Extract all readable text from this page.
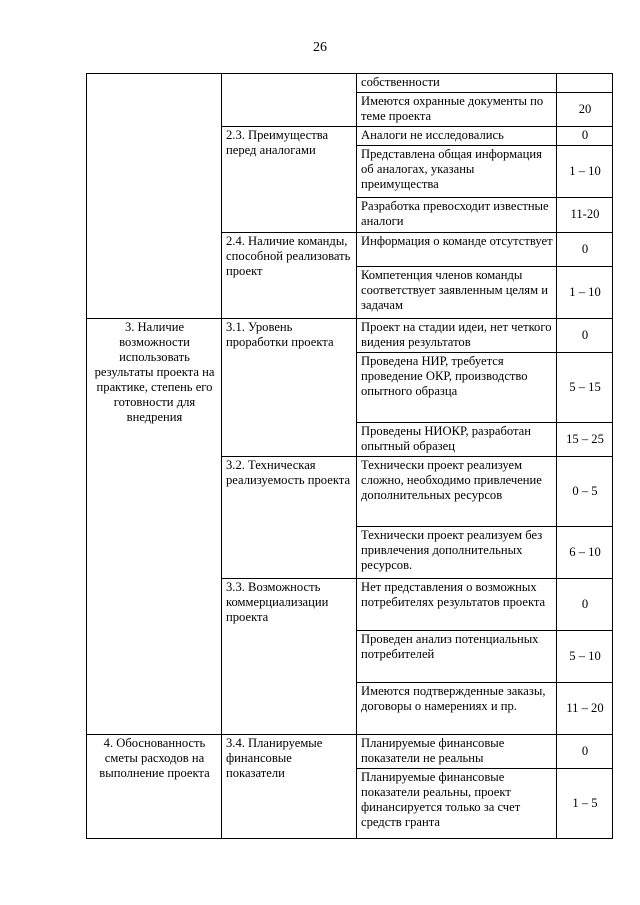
26
		собственности	
		Имеются охранные документы по теме проекта	20
	2.3. Преимущества перед аналогами	Аналоги не исследовались	0
		Представлена общая информация об аналогах, указаны преимущества	1 – 10
		Разработка превосходит известные аналоги	11-20
	2.4. Наличие команды, способной реализовать проект	Информация о команде отсутствует	0
		Компетенция членов команды соответствует заявленным целям и задачам	1 – 10
3. Наличие возможности использовать результаты проекта на практике, степень его готовности для внедрения	3.1. Уровень проработки проекта	Проект на стадии идеи, нет четкого видения результатов	0
		Проведена НИР, требуется проведение ОКР, производство опытного образца	5 – 15
		Проведены НИОКР, разработан опытный образец	15 – 25
	3.2. Техническая реализуемость проекта	Технически проект реализуем сложно, необходимо привлечение дополнительных ресурсов	0 – 5
		Технически проект реализуем без привлечения дополнительных ресурсов.	6 – 10
	3.3. Возможность коммерциализации проекта	Нет представления о возможных потребителях результатов проекта	0
		Проведен анализ потенциальных потребителей	5 – 10
		Имеются подтвержденные заказы, договоры о намерениях и пр.	11 – 20
4. Обоснованность сметы расходов на выполнение проекта	3.4. Планируемые финансовые показатели	Планируемые финансовые показатели не реальны	0
		Планируемые финансовые показатели реальны, проект финансируется только за счет средств гранта	1 – 5
